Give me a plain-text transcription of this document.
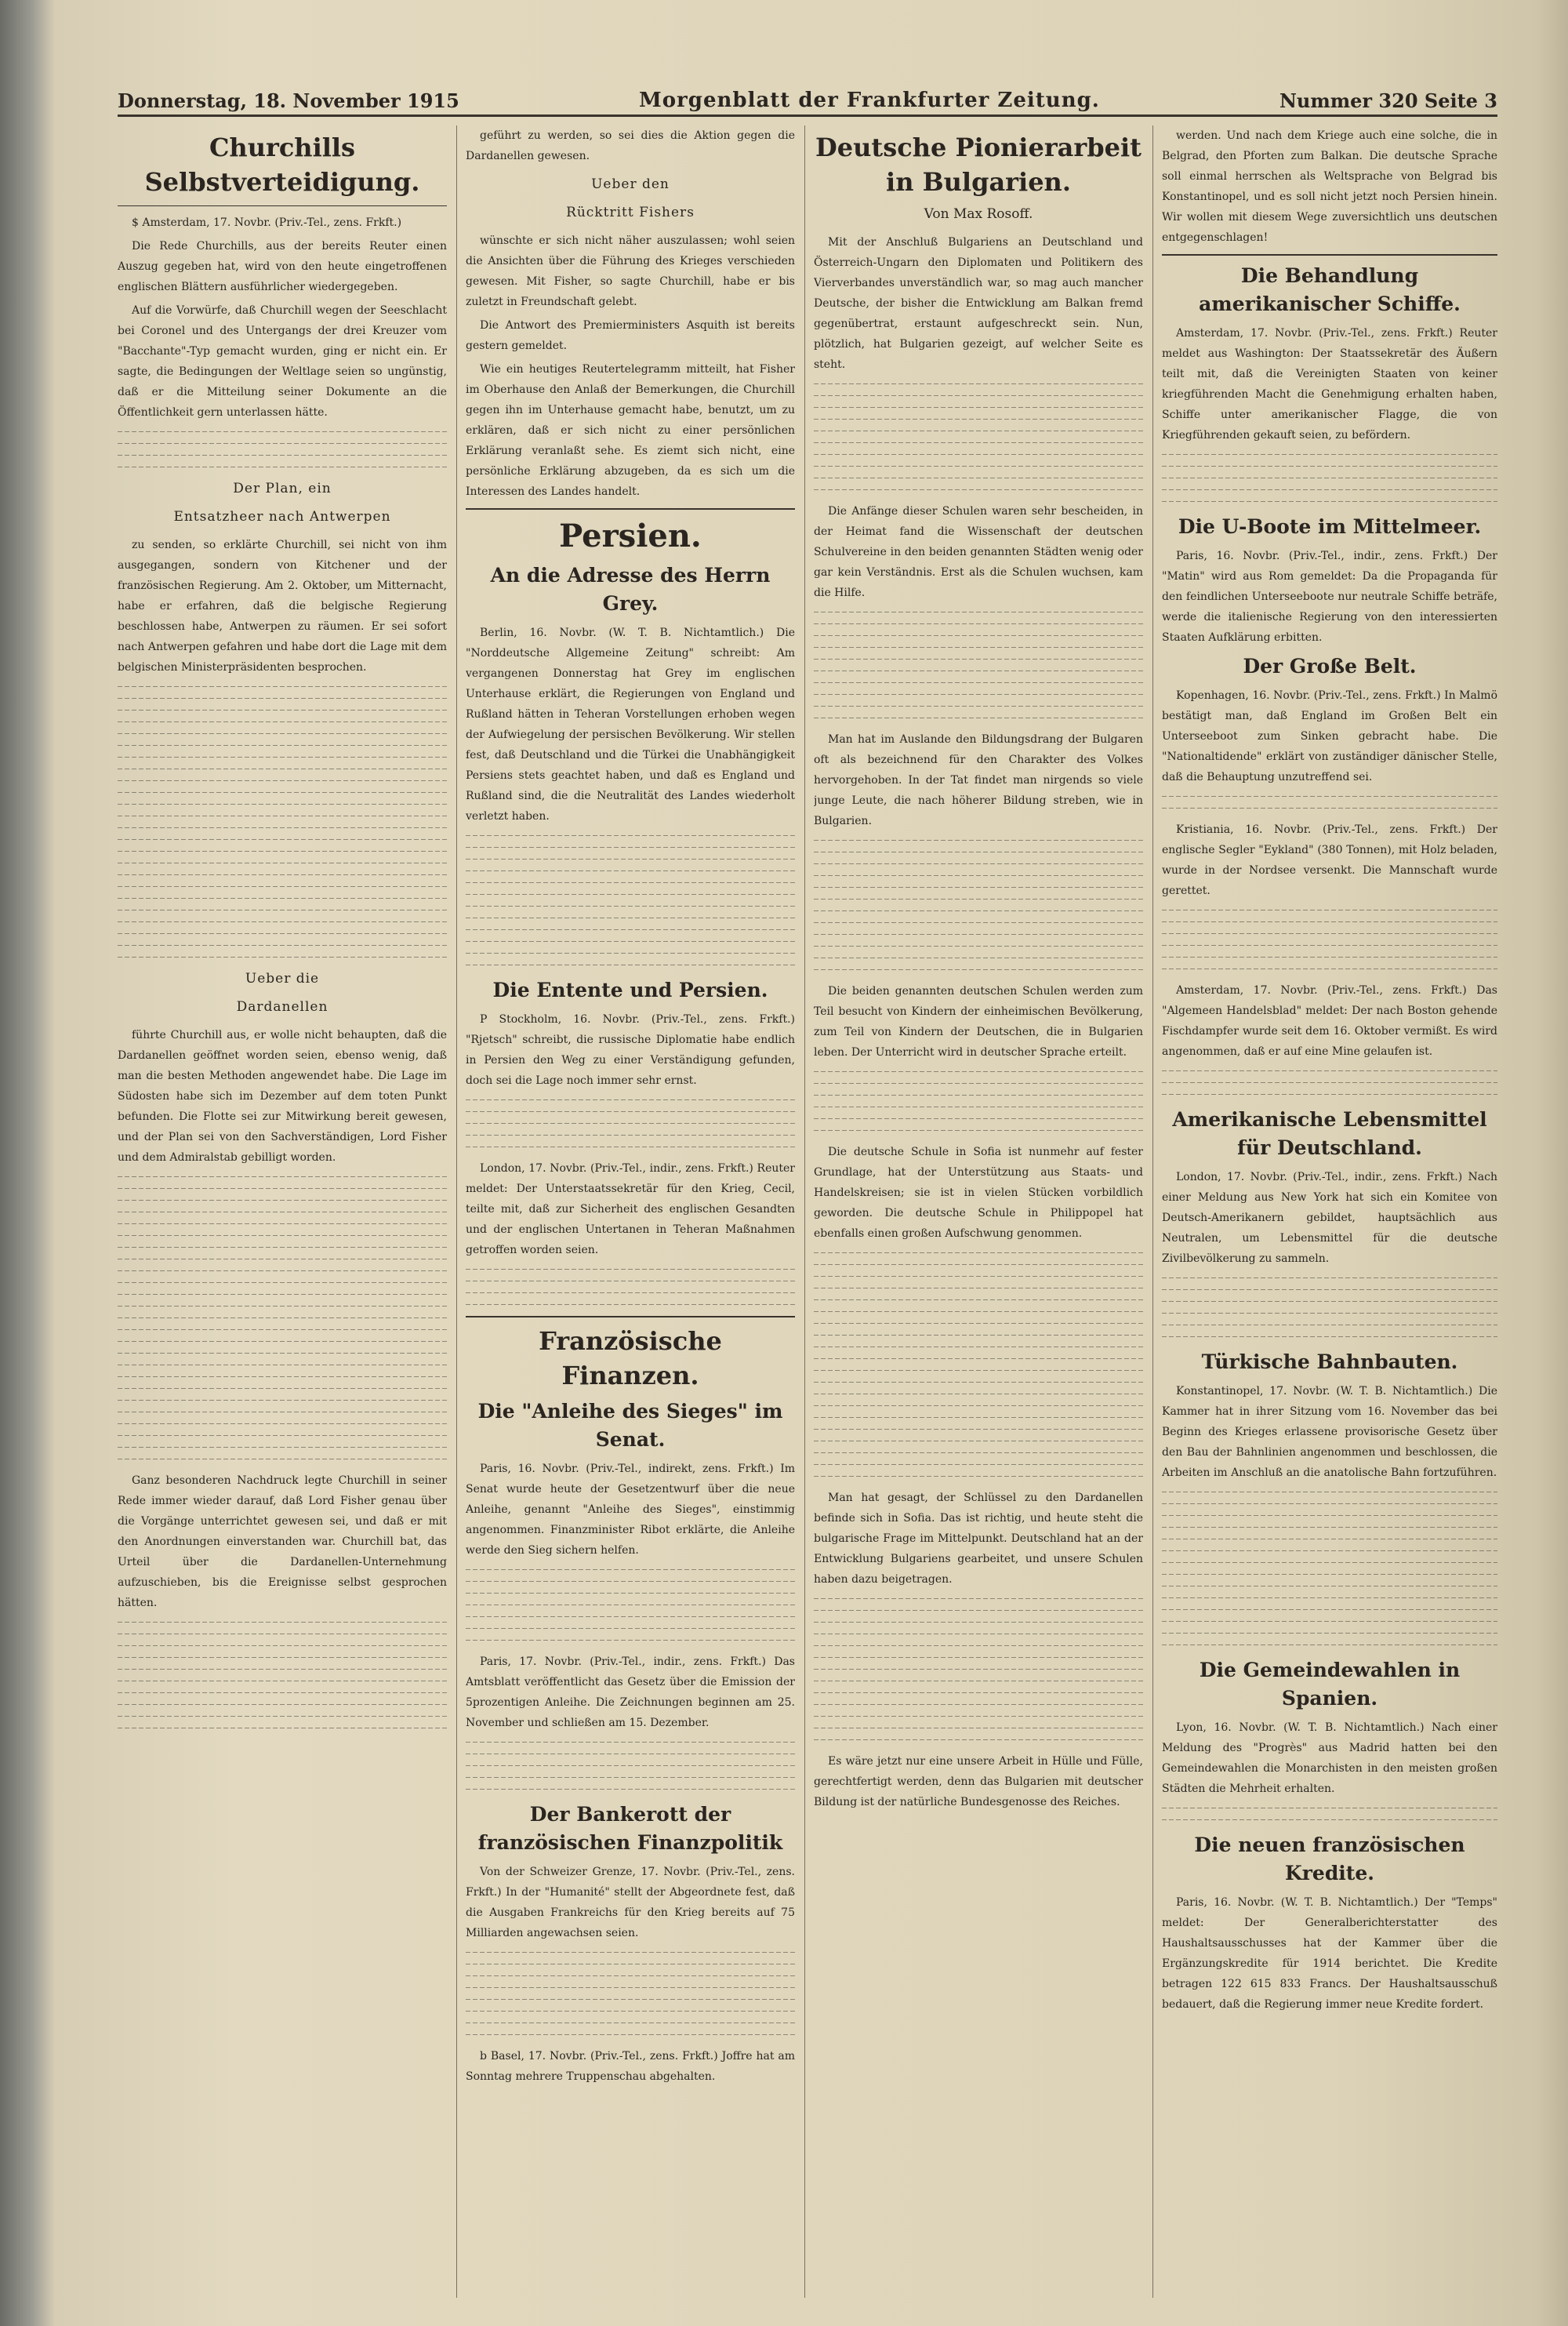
Donnerstag, 18. November 1915	Morgenblatt der Frankfurter Zeitung.	Nummer 320 Seite 3
Churchills Selbstverteidigung.

$ Amsterdam, 17. Novbr. (Priv.-Tel., zens. Frkft.)

Die Rede Churchills, aus der bereits Reuter einen Auszug gegeben hat, wird von den heute eingetroffenen englischen Blättern ausführlicher wiedergegeben.

Auf die Vorwürfe, daß Churchill wegen der Seeschlacht bei Coronel und des Untergangs der drei Kreuzer vom "Bacchante"-Typ gemacht wurden, ging er nicht ein. Er sagte, die Bedingungen der Weltlage seien so ungünstig, daß er die Mitteilung seiner Dokumente an die Öffentlichkeit gern unterlassen hätte.

Der Plan, ein
Entsatzheer nach Antwerpen

zu senden, so erklärte Churchill, sei nicht von ihm ausgegangen, sondern von Kitchener und der französischen Regierung. Am 2. Oktober, um Mitternacht, habe er erfahren, daß die belgische Regierung beschlossen habe, Antwerpen zu räumen. Er sei sofort nach Antwerpen gefahren und habe dort die Lage mit dem belgischen Ministerpräsidenten besprochen.

Ueber die
Dardanellen

führte Churchill aus, er wolle nicht behaupten, daß die Dardanellen geöffnet worden seien, ebenso wenig, daß man die besten Methoden angewendet habe. Die Lage im Südosten habe sich im Dezember auf dem toten Punkt befunden. Die Flotte sei zur Mitwirkung bereit gewesen, und der Plan sei von den Sachverständigen, Lord Fisher und dem Admiralstab gebilligt worden.

Ganz besonderen Nachdruck legte Churchill in seiner Rede immer wieder darauf, daß Lord Fisher genau über die Vorgänge unterrichtet gewesen sei, und daß er mit den Anordnungen einverstanden war. Churchill bat, das Urteil über die Dardanellen-Unternehmung aufzuschieben, bis die Ereignisse selbst gesprochen hätten.

geführt zu werden, so sei dies die Aktion gegen die Dardanellen gewesen.

Ueber den
Rücktritt Fishers

wünschte er sich nicht näher auszulassen; wohl seien die Ansichten über die Führung des Krieges verschieden gewesen. Mit Fisher, so sagte Churchill, habe er bis zuletzt in Freundschaft gelebt.

Die Antwort des Premierministers Asquith ist bereits gestern gemeldet.

Wie ein heutiges Reutertelegramm mitteilt, hat Fisher im Oberhause den Anlaß der Bemerkungen, die Churchill gegen ihn im Unterhause gemacht habe, benutzt, um zu erklären, daß er sich nicht zu einer persönlichen Erklärung veranlaßt sehe. Es ziemt sich nicht, eine persönliche Erklärung abzugeben, da es sich um die Interessen des Landes handelt.

Persien.
An die Adresse des Herrn Grey.

Berlin, 16. Novbr. (W. T. B. Nichtamtlich.) Die "Norddeutsche Allgemeine Zeitung" schreibt: Am vergangenen Donnerstag hat Grey im englischen Unterhause erklärt, die Regierungen von England und Rußland hätten in Teheran Vorstellungen erhoben wegen der Aufwiegelung der persischen Bevölkerung. Wir stellen fest, daß Deutschland und die Türkei die Unabhängigkeit Persiens stets geachtet haben, und daß es England und Rußland sind, die die Neutralität des Landes wiederholt verletzt haben.

Die Entente und Persien.

P Stockholm, 16. Novbr. (Priv.-Tel., zens. Frkft.) "Rjetsch" schreibt, die russische Diplomatie habe endlich in Persien den Weg zu einer Verständigung gefunden, doch sei die Lage noch immer sehr ernst.

London, 17. Novbr. (Priv.-Tel., indir., zens. Frkft.) Reuter meldet: Der Unterstaatssekretär für den Krieg, Cecil, teilte mit, daß zur Sicherheit des englischen Gesandten und der englischen Untertanen in Teheran Maßnahmen getroffen worden seien.

Französische Finanzen.
Die "Anleihe des Sieges" im Senat.

Paris, 16. Novbr. (Priv.-Tel., indirekt, zens. Frkft.) Im Senat wurde heute der Gesetzentwurf über die neue Anleihe, genannt "Anleihe des Sieges", einstimmig angenommen. Finanzminister Ribot erklärte, die Anleihe werde den Sieg sichern helfen.

Paris, 17. Novbr. (Priv.-Tel., indir., zens. Frkft.) Das Amtsblatt veröffentlicht das Gesetz über die Emission der 5prozentigen Anleihe. Die Zeichnungen beginnen am 25. November und schließen am 15. Dezember.

Der Bankerott der französischen Finanzpolitik

Von der Schweizer Grenze, 17. Novbr. (Priv.-Tel., zens. Frkft.) In der "Humanité" stellt der Abgeordnete fest, daß die Ausgaben Frankreichs für den Krieg bereits auf 75 Milliarden angewachsen seien.

b Basel, 17. Novbr. (Priv.-Tel., zens. Frkft.) Joffre hat am Sonntag mehrere Truppenschau abgehalten.

Deutsche Pionierarbeit in Bulgarien.
Von Max Rosoff.

Mit der Anschluß Bulgariens an Deutschland und Österreich-Ungarn den Diplomaten und Politikern des Vierverbandes unverständlich war, so mag auch mancher Deutsche, der bisher die Entwicklung am Balkan fremd gegenübertrat, erstaunt aufgeschreckt sein. Nun, plötzlich, hat Bulgarien gezeigt, auf welcher Seite es steht.

Die Anfänge dieser Schulen waren sehr bescheiden, in der Heimat fand die Wissenschaft der deutschen Schulvereine in den beiden genannten Städten wenig oder gar kein Verständnis. Erst als die Schulen wuchsen, kam die Hilfe.

Man hat im Auslande den Bildungsdrang der Bulgaren oft als bezeichnend für den Charakter des Volkes hervorgehoben. In der Tat findet man nirgends so viele junge Leute, die nach höherer Bildung streben, wie in Bulgarien.

Die beiden genannten deutschen Schulen werden zum Teil besucht von Kindern der einheimischen Bevölkerung, zum Teil von Kindern der Deutschen, die in Bulgarien leben. Der Unterricht wird in deutscher Sprache erteilt.

Die deutsche Schule in Sofia ist nunmehr auf fester Grundlage, hat der Unterstützung aus Staats- und Handelskreisen; sie ist in vielen Stücken vorbildlich geworden. Die deutsche Schule in Philippopel hat ebenfalls einen großen Aufschwung genommen.

Man hat gesagt, der Schlüssel zu den Dardanellen befinde sich in Sofia. Das ist richtig, und heute steht die bulgarische Frage im Mittelpunkt. Deutschland hat an der Entwicklung Bulgariens gearbeitet, und unsere Schulen haben dazu beigetragen.

Es wäre jetzt nur eine unsere Arbeit in Hülle und Fülle, gerechtfertigt werden, denn das Bulgarien mit deutscher Bildung ist der natürliche Bundesgenosse des Reiches.

werden. Und nach dem Kriege auch eine solche, die in Belgrad, den Pforten zum Balkan. Die deutsche Sprache soll einmal herrschen als Weltsprache von Belgrad bis Konstantinopel, und es soll nicht jetzt noch Persien hinein. Wir wollen mit diesem Wege zuversichtlich uns deutschen entgegenschlagen!

Die Behandlung amerikanischer Schiffe.

Amsterdam, 17. Novbr. (Priv.-Tel., zens. Frkft.) Reuter meldet aus Washington: Der Staatssekretär des Äußern teilt mit, daß die Vereinigten Staaten von keiner kriegführenden Macht die Genehmigung erhalten haben, Schiffe unter amerikanischer Flagge, die von Kriegführenden gekauft seien, zu befördern.

Die U-Boote im Mittelmeer.

Paris, 16. Novbr. (Priv.-Tel., indir., zens. Frkft.) Der "Matin" wird aus Rom gemeldet: Da die Propaganda für den feindlichen Unterseeboote nur neutrale Schiffe beträfe, werde die italienische Regierung von den interessierten Staaten Aufklärung erbitten.

Der Große Belt.

Kopenhagen, 16. Novbr. (Priv.-Tel., zens. Frkft.) In Malmö bestätigt man, daß England im Großen Belt ein Unterseeboot zum Sinken gebracht habe. Die "Nationaltidende" erklärt von zuständiger dänischer Stelle, daß die Behauptung unzutreffend sei.

Kristiania, 16. Novbr. (Priv.-Tel., zens. Frkft.) Der englische Segler "Eykland" (380 Tonnen), mit Holz beladen, wurde in der Nordsee versenkt. Die Mannschaft wurde gerettet.

Amsterdam, 17. Novbr. (Priv.-Tel., zens. Frkft.) Das "Algemeen Handelsblad" meldet: Der nach Boston gehende Fischdampfer wurde seit dem 16. Oktober vermißt. Es wird angenommen, daß er auf eine Mine gelaufen ist.

Amerikanische Lebensmittel für Deutschland.

London, 17. Novbr. (Priv.-Tel., indir., zens. Frkft.) Nach einer Meldung aus New York hat sich ein Komitee von Deutsch-Amerikanern gebildet, hauptsächlich aus Neutralen, um Lebensmittel für die deutsche Zivilbevölkerung zu sammeln.

Türkische Bahnbauten.

Konstantinopel, 17. Novbr. (W. T. B. Nichtamtlich.) Die Kammer hat in ihrer Sitzung vom 16. November das bei Beginn des Krieges erlassene provisorische Gesetz über den Bau der Bahnlinien angenommen und beschlossen, die Arbeiten im Anschluß an die anatolische Bahn fortzuführen.

Die Gemeindewahlen in Spanien.

Lyon, 16. Novbr. (W. T. B. Nichtamtlich.) Nach einer Meldung des "Progrès" aus Madrid hatten bei den Gemeindewahlen die Monarchisten in den meisten großen Städten die Mehrheit erhalten.

Die neuen französischen Kredite.

Paris, 16. Novbr. (W. T. B. Nichtamtlich.) Der "Temps" meldet: Der Generalberichterstatter des Haushaltsausschusses hat der Kammer über die Ergänzungskredite für 1914 berichtet. Die Kredite betragen 122 615 833 Francs. Der Haushaltsausschuß bedauert, daß die Regierung immer neue Kredite fordert.
